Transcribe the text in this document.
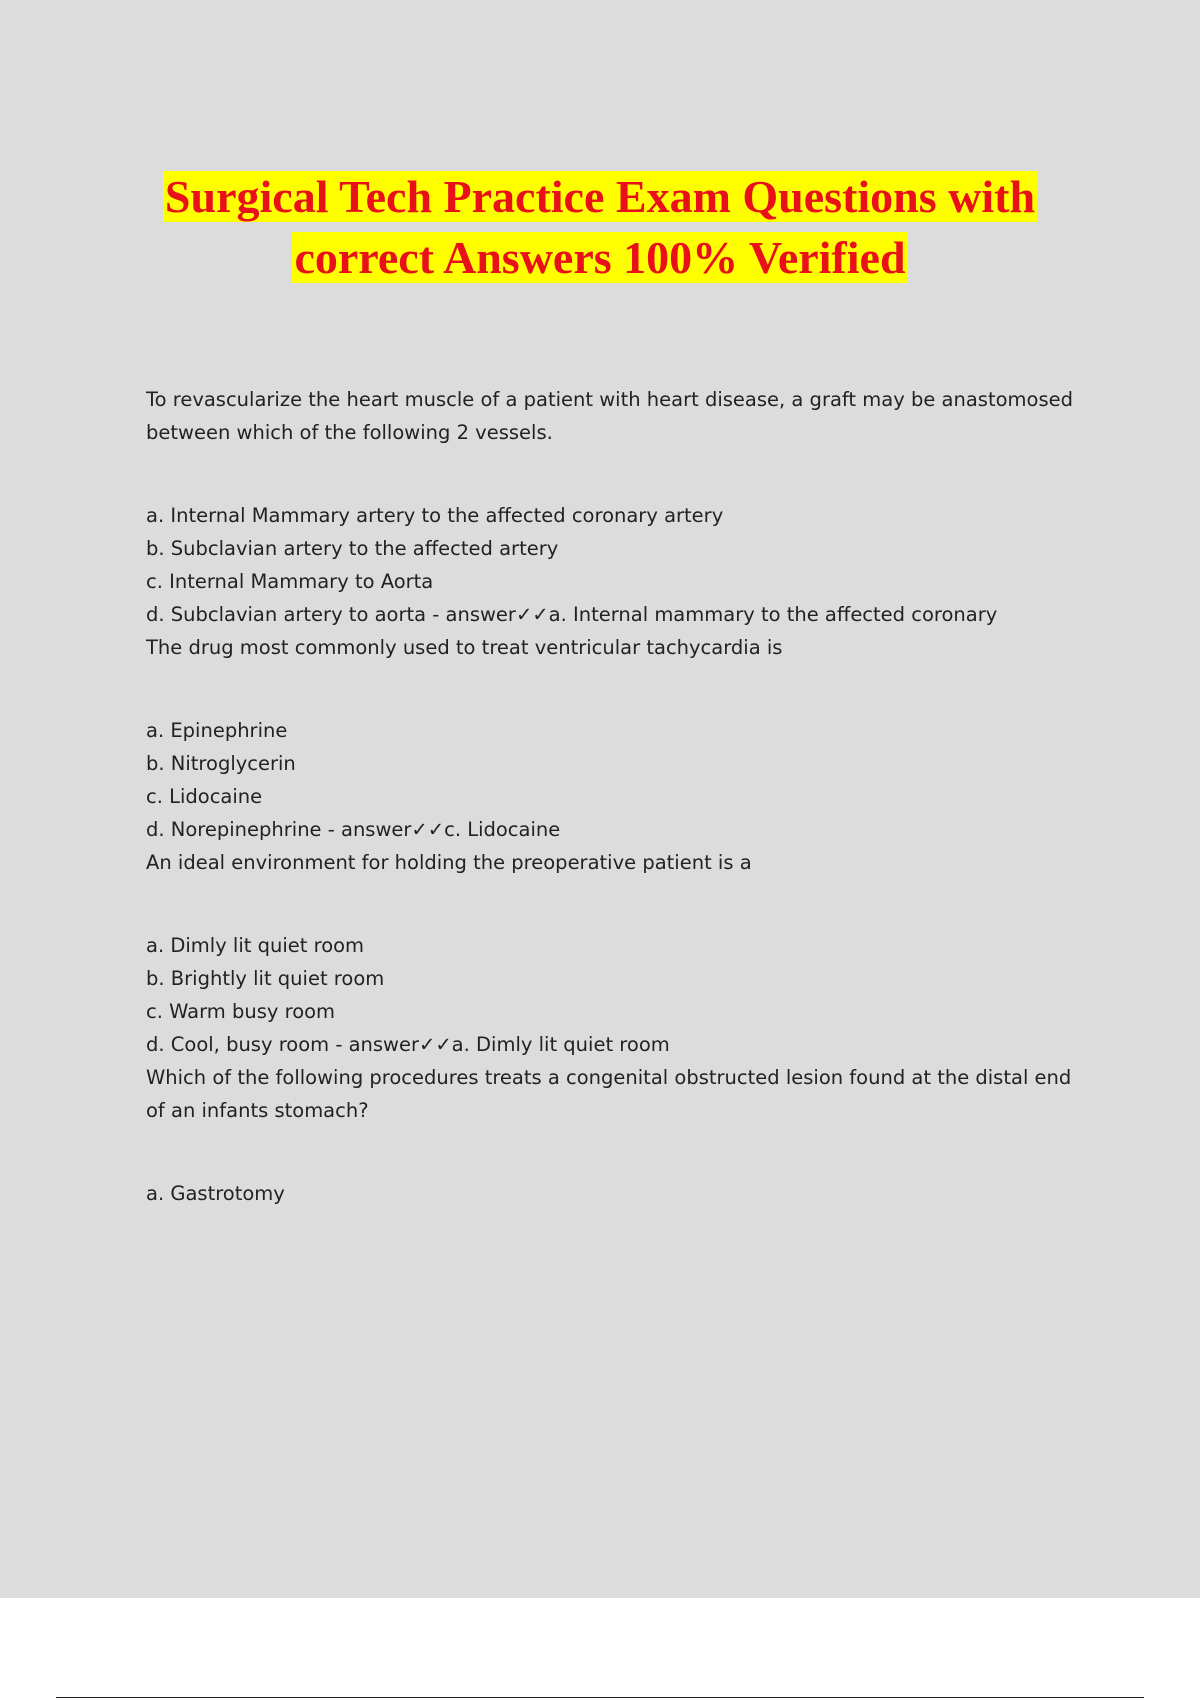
Surgical Tech Practice Exam Questions with
correct Answers 100% Verified

To revascularize the heart muscle of a patient with heart disease, a graft may be anastomosed between which of the following 2 vessels.

a. Internal Mammary artery to the affected coronary artery

b. Subclavian artery to the affected artery

c. Internal Mammary to Aorta

d. Subclavian artery to aorta - answer✓✓a. Internal mammary to the affected coronary

The drug most commonly used to treat ventricular tachycardia is

a. Epinephrine

b. Nitroglycerin

c. Lidocaine

d. Norepinephrine - answer✓✓c. Lidocaine

An ideal environment for holding the preoperative patient is a

a. Dimly lit quiet room

b. Brightly lit quiet room

c. Warm busy room

d. Cool, busy room - answer✓✓a. Dimly lit quiet room

Which of the following procedures treats a congenital obstructed lesion found at the distal end of an infants stomach?

a. Gastrotomy
